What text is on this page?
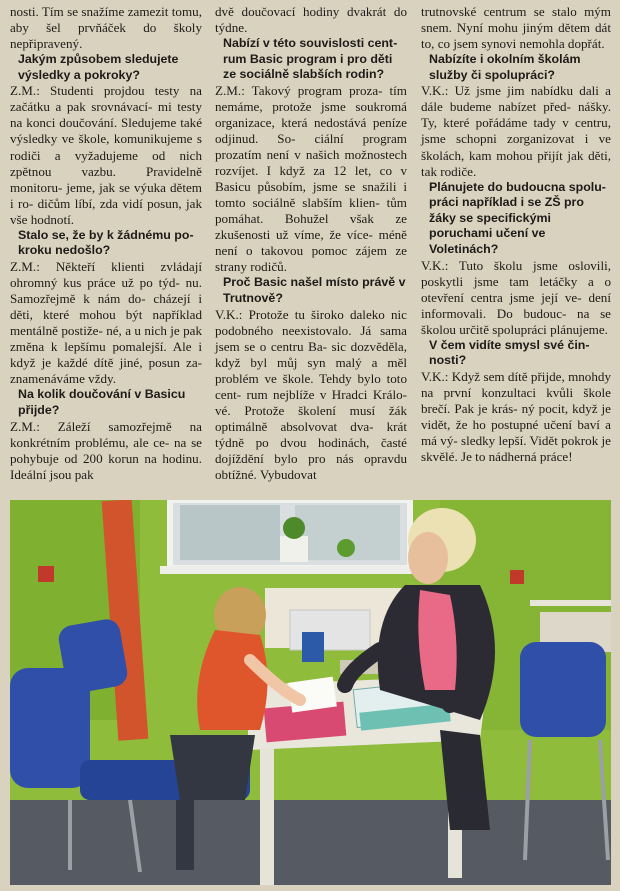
nosti. Tím se snažíme zamezit tomu, aby šel prvňáček do školy nepřipravený.

Jakým způsobem sledujete výsledky a pokroky?

Z.M.: Studenti projdou testy na začátku a pak srovnávací- mi testy na konci doučování. Sledujeme také výsledky ve škole, komunikujeme s rodiči a vyžadujeme od nich zpětnou vazbu. Pravidelně monitoru- jeme, jak se výuka dětem i ro- dičům líbí, zda vidí posun, jak vše hodnotí.

Stalo se, že by k žádnému po- kroku nedošlo?

Z.M.: Někteří klienti zvládají ohromný kus práce už po týd- nu. Samozřejmě k nám do- cházejí i děti, které mohou být například mentálně postiže- né, a u nich je pak změna k lepšímu pomalejší. Ale i když je každé dítě jiné, posun za- znamenáváme vždy.

Na kolik doučování v Basicu přijde?

Z.M.: Záleží samozřejmě na konkrétním problému, ale ce- na se pohybuje od 200 korun na hodinu. Ideální jsou pak

dvě doučovací hodiny dvakrát do týdne.

Nabízí v této souvislosti cent- rum Basic program i pro děti ze sociálně slabších rodin?

Z.M.: Takový program proza- tím nemáme, protože jsme soukromá organizace, která nedostává peníze odjinud. So- ciální program prozatím není v našich možnostech rozvíjet. I když za 12 let, co v Basicu působím, jsme se snažili i tomto sociálně slabším klien- tům pomáhat. Bohužel však ze zkušenosti už víme, že více- méně není o takovou pomoc zájem ze strany rodičů.

Proč Basic našel místo právě v Trutnově?

V.K.: Protože tu široko daleko nic podobného neexistovalo. Já sama jsem se o centru Ba- sic dozvěděla, když byl můj syn malý a měl problém ve škole. Tehdy bylo toto cent- rum nejblíže v Hradci Králo- vé. Protože školení musí žák optimálně absolvovat dva- krát týdně po dvou hodinách, časté dojíždění bylo pro nás opravdu obtížné. Vybudovat

trutnovské centrum se stalo mým snem. Nyní mohu jiným dětem dát to, co jsem synovi nemohla dopřát.

Nabízíte i okolním školám služby či spolupráci?

V.K.: Už jsme jim nabídku dali a dále budeme nabízet před- nášky. Ty, které pořádáme tady v centru, jsme schopni zorganizovat i ve školách, kam mohou přijít jak děti, tak rodiče.

Plánujete do budoucna spolu- práci například i se ZŠ pro žáky se specifickými poruchami učení ve Voletinách?

V.K.: Tuto školu jsme oslovili, poskytli jsme tam letáčky a o otevření centra jsme její ve- dení informovali. Do budouc- na se školou určitě spolupráci plánujeme.

V čem vidíte smysl své čin- nosti?

V.K.: Když sem dítě přijde, mnohdy na první konzultaci kvůli škole brečí. Pak je krás- ný pocit, když je vidět, že ho postupné učení baví a má vý- sledky lepší. Vidět pokrok je skvělé. Je to nádherná práce!
